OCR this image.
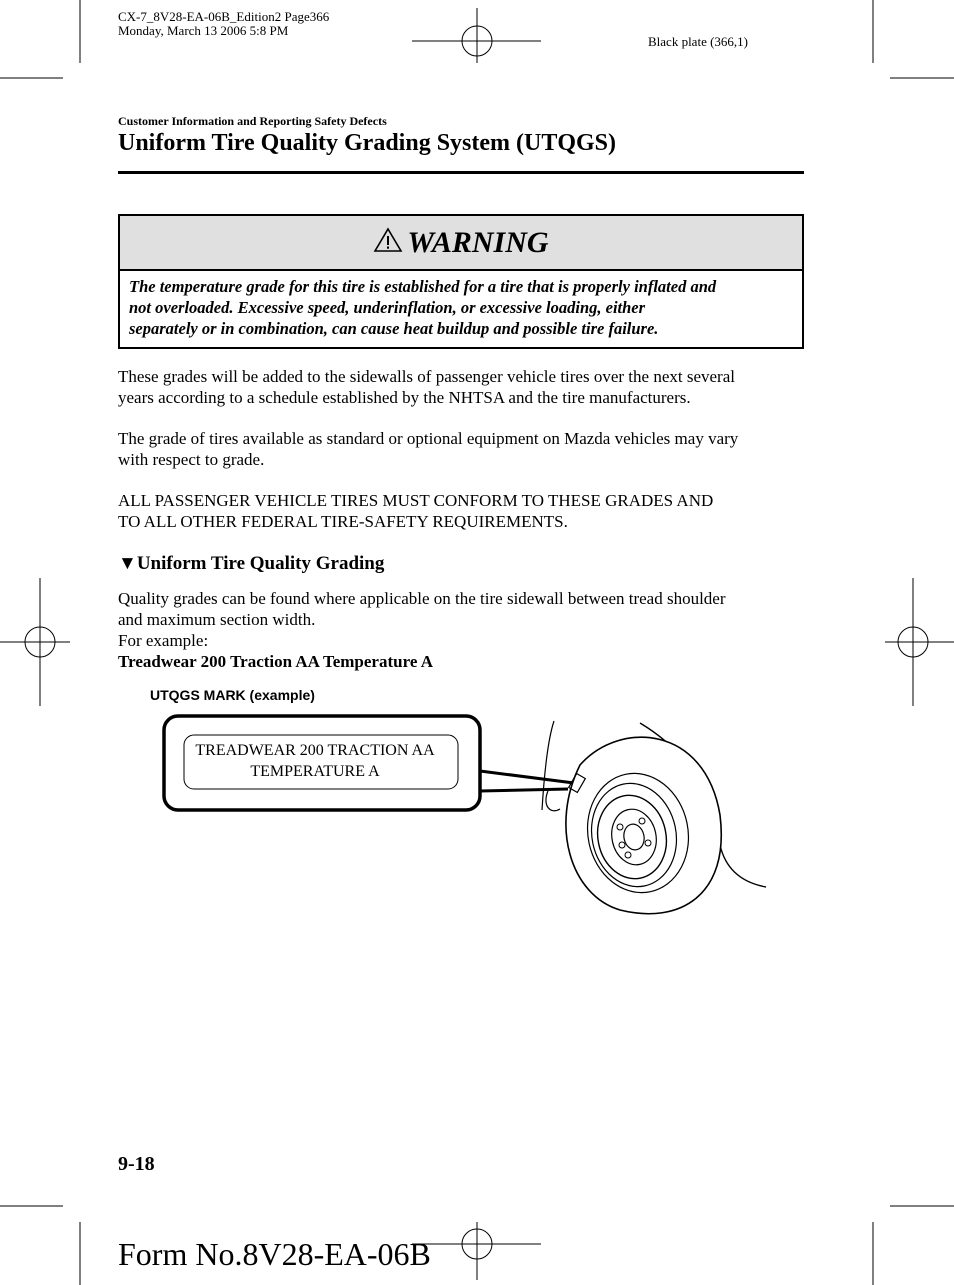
CX-7_8V28-EA-06B_Edition2 Page366
Monday, March 13 2006 5:8 PM
Black plate (366,1)
Customer Information and Reporting Safety Defects
Uniform Tire Quality Grading System (UTQGS)
WARNING
The temperature grade for this tire is established for a tire that is properly inflated and
not overloaded. Excessive speed, underinflation, or excessive loading, either
separately or in combination, can cause heat buildup and possible tire failure.
These grades will be added to the sidewalls of passenger vehicle tires over the next several
years according to a schedule established by the NHTSA and the tire manufacturers.
The grade of tires available as standard or optional equipment on Mazda vehicles may vary
with respect to grade.
ALL PASSENGER VEHICLE TIRES MUST CONFORM TO THESE GRADES AND
TO ALL OTHER FEDERAL TIRE-SAFETY REQUIREMENTS.
▼Uniform Tire Quality Grading
Quality grades can be found where applicable on the tire sidewall between tread shoulder
and maximum section width.
For example:
Treadwear 200 Traction AA Temperature A
UTQGS MARK (example)
TREADWEAR 200 TRACTION AA
TEMPERATURE A
9-18
Form No.8V28-EA-06B
